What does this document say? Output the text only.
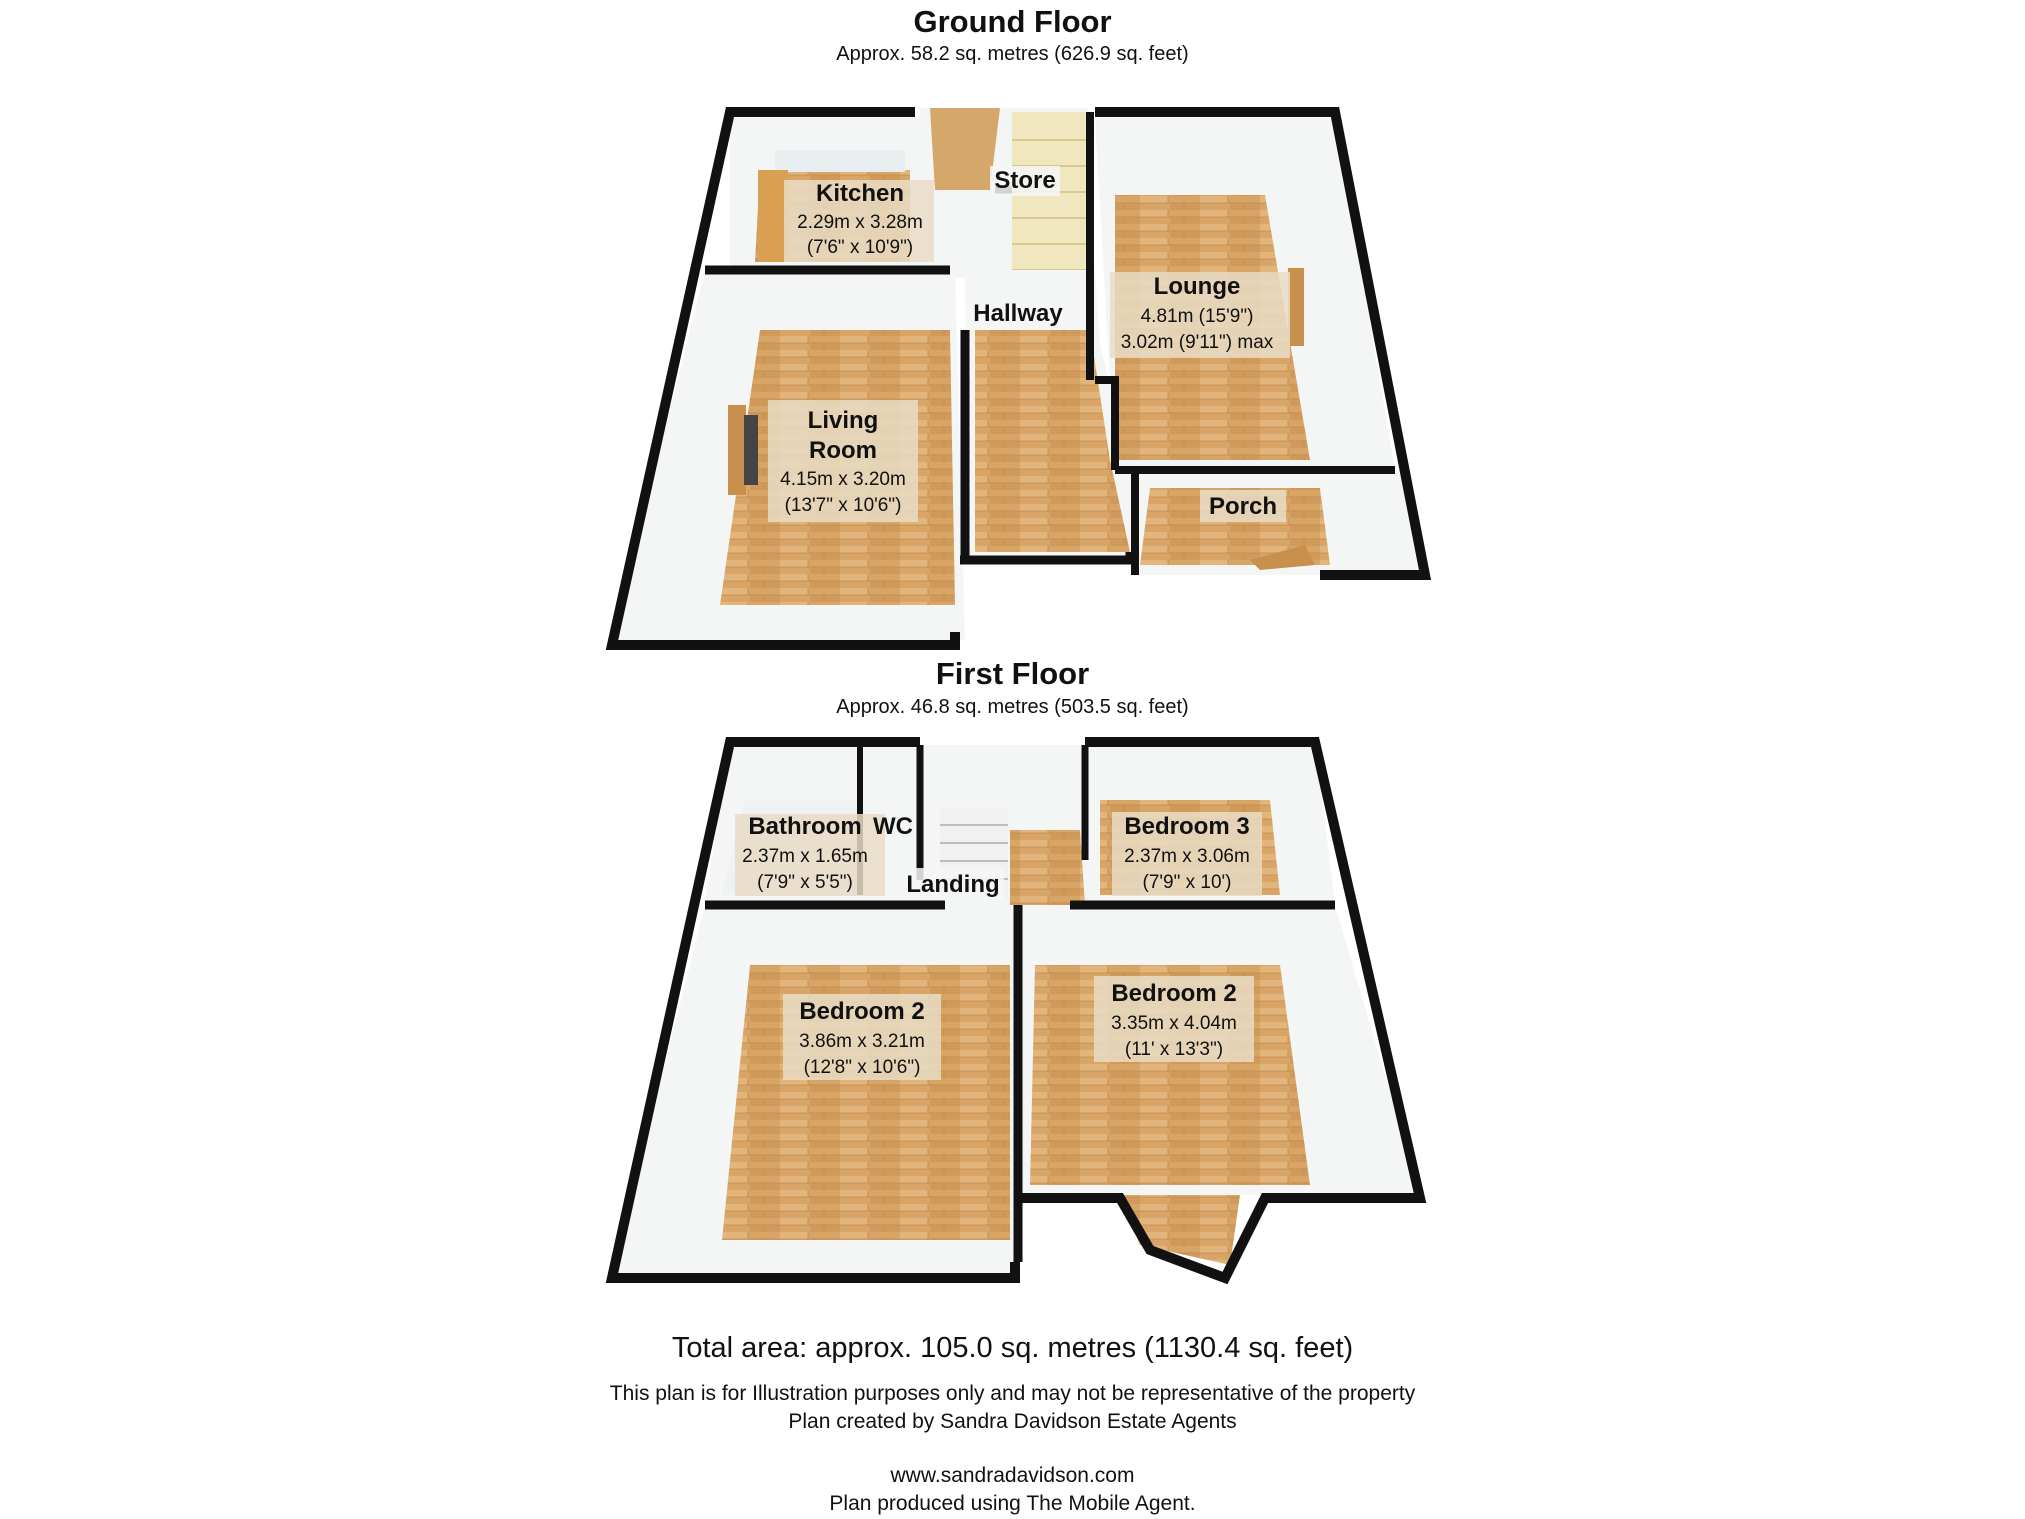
Ground Floor
Approx. 58.2 sq. metres (626.9 sq. feet)
First Floor
Approx. 46.8 sq. metres (503.5 sq. feet)
Kitchen
2.29m x 3.28m
(7'6" x 10'9")
Store
Lounge
4.81m (15'9")
3.02m (9'11") max
Hallway
Living
Room
4.15m x 3.20m
(13'7" x 10'6")	Porch
Bathroom
2.37m x 1.65m
(7'9" x 5'5")
WC
Landing
Bedroom 3
2.37m x 3.06m
(7'9" x 10')
Bedroom 2
3.86m x 3.21m
(12'8" x 10'6")
Bedroom 2
3.35m x 4.04m
(11' x 13'3")
Total area: approx. 105.0 sq. metres (1130.4 sq. feet)
This plan is for Illustration purposes only and may not be representative of the property
Plan created by Sandra Davidson Estate Agents
www.sandradavidson.com
Plan produced using The Mobile Agent.
